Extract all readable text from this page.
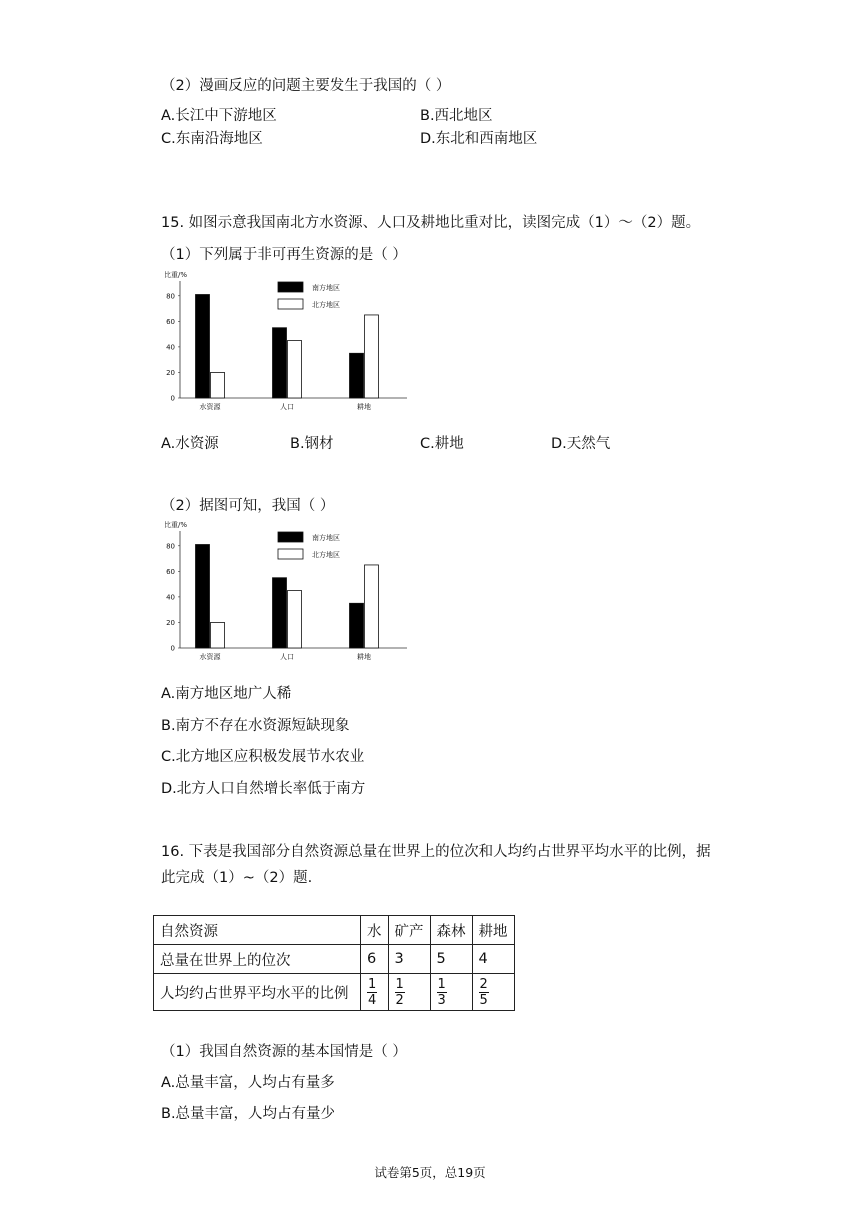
（2）漫画反应的问题主要发生于我国的（ ）
A.长江中下游地区	B.西北地区
C.东南沿海地区	D.东北和西南地区
15. 如图示意我国南北方水资源、人口及耕地比重对比，读图完成（1）～（2）题。
（1）下列属于非可再生资源的是（ ）
比重/%
0
20
40
60
80
水资源	人口	耕地
南方地区
北方地区
A.水资源	B.钢材	C.耕地	D.天然气
（2）据图可知，我国（ ）
比重/%
0
20
40
60
80
水资源	人口	耕地
南方地区
北方地区
A.南方地区地广人稀
B.南方不存在水资源短缺现象
C.北方地区应积极发展节水农业
D.北方人口自然增长率低于南方
16. 下表是我国部分自然资源总量在世界上的位次和人均约占世界平均水平的比例，据
此完成（1）~（2）题.
自然资源	水	矿产	森林	耕地
总量在世界上的位次	6	3	5	4
人均约占世界平均水平的比例	$\frac{1}{4}$	$\frac{1}{2}$	$\frac{1}{3}$	$\frac{2}{5}$
（1）我国自然资源的基本国情是（ ）
A.总量丰富，人均占有量多
B.总量丰富，人均占有量少
试卷第5页，总19页
